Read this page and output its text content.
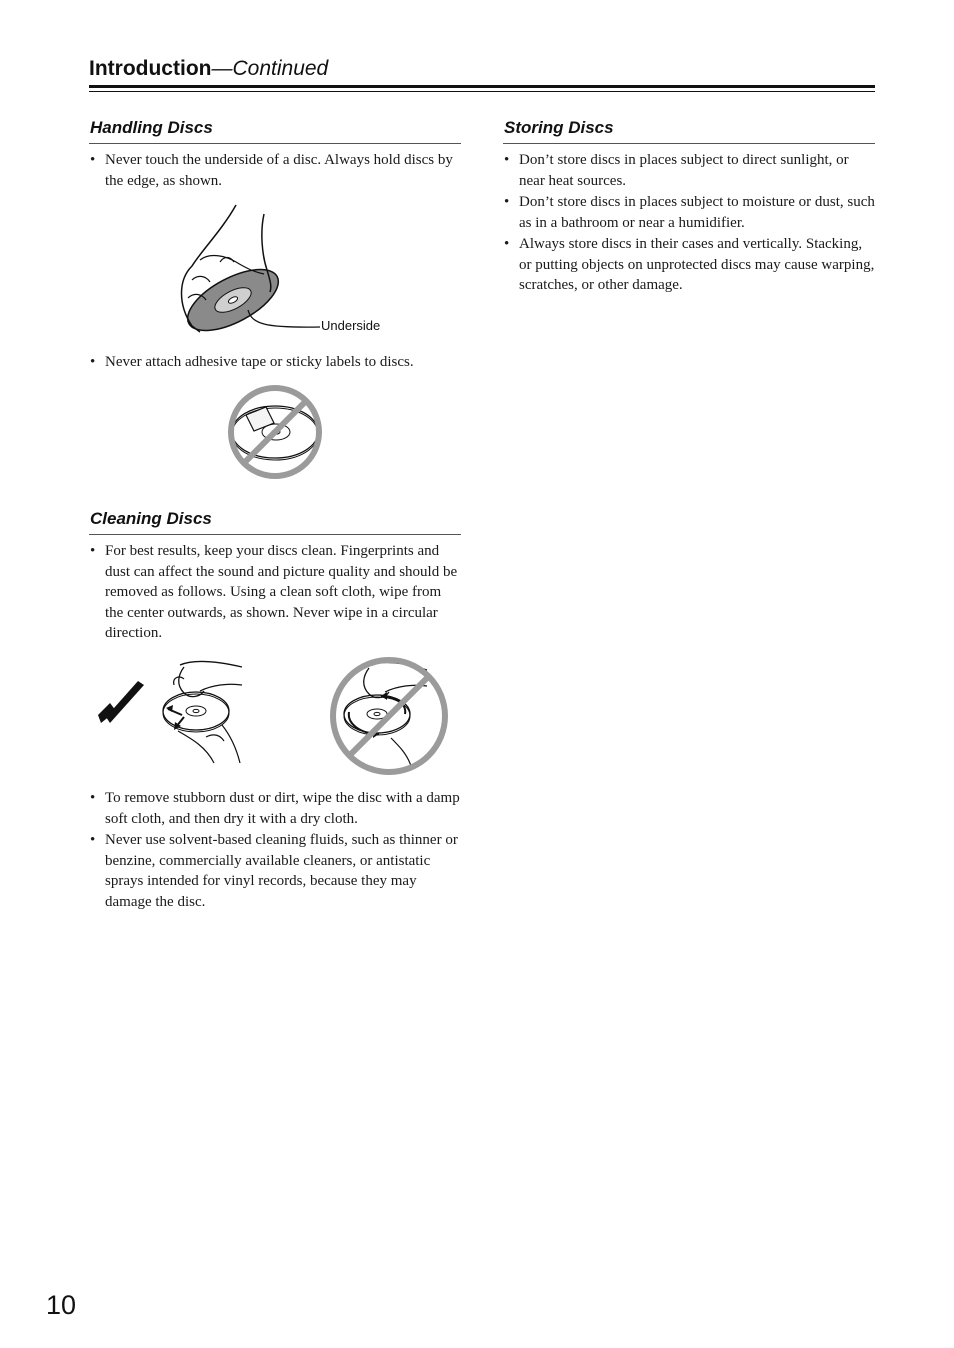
Introduction—Continued
Handling Discs
• Never touch the underside of a disc. Always hold discs by the edge, as shown.
Underside
• Never attach adhesive tape or sticky labels to discs.
Cleaning Discs
• For best results, keep your discs clean. Fingerprints and dust can affect the sound and picture quality and should be removed as follows. Using a clean soft cloth, wipe from the center outwards, as shown. Never wipe in a circular direction.
• To remove stubborn dust or dirt, wipe the disc with a damp soft cloth, and then dry it with a dry cloth.
• Never use solvent-based cleaning fluids, such as thinner or benzine, commercially available cleaners, or antistatic sprays intended for vinyl records, because they may damage the disc.
Storing Discs
• Don’t store discs in places subject to direct sunlight, or near heat sources.
• Don’t store discs in places subject to moisture or dust, such as in a bathroom or near a humidifier.
• Always store discs in their cases and vertically. Stacking, or putting objects on unprotected discs may cause warping, scratches, or other damage.
10
